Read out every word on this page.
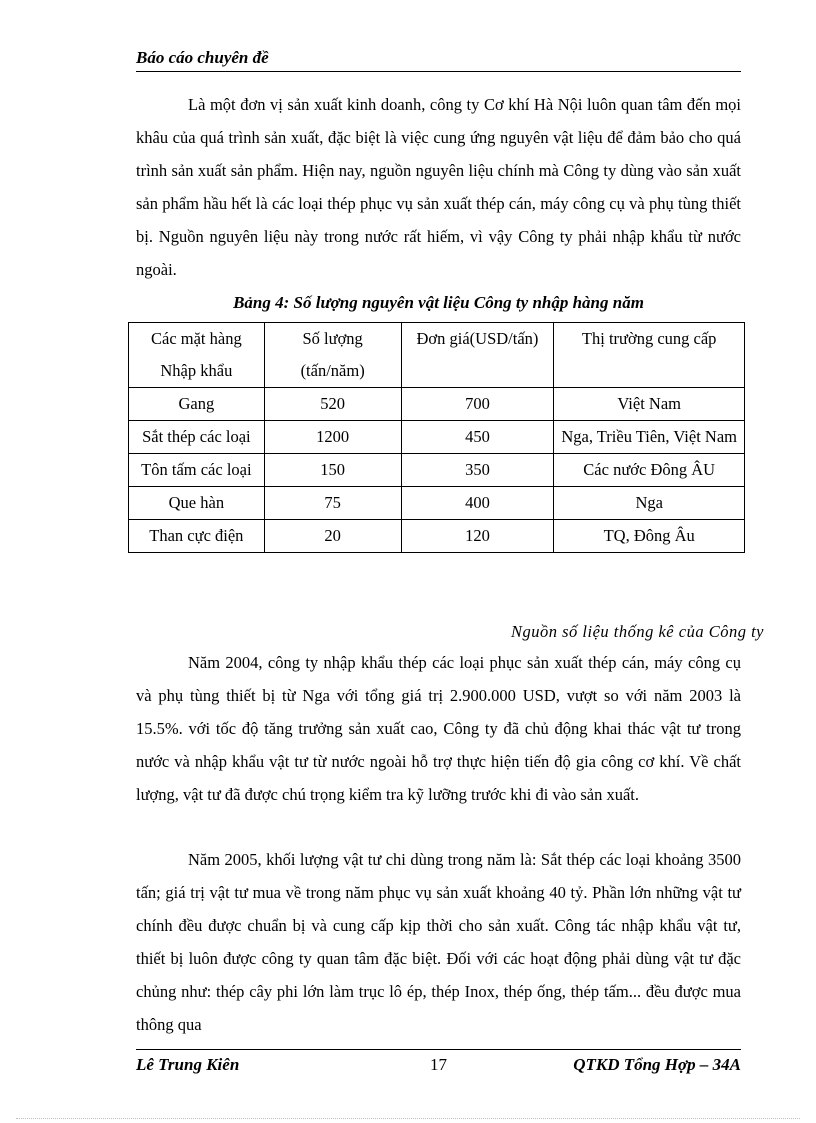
Báo cáo chuyên đề

Là một đơn vị sản xuất kinh doanh, công ty Cơ khí Hà Nội luôn quan tâm đến mọi khâu của quá trình sản xuất, đặc biệt là việc cung ứng nguyên vật liệu để đảm bảo cho quá trình sản xuất sản phẩm. Hiện nay, nguồn nguyên liệu chính mà Công ty dùng vào sản xuất sản phẩm hầu hết là các loại thép phục vụ sản xuất thép cán, máy công cụ và phụ tùng thiết bị. Nguồn nguyên liệu này trong nước rất hiếm, vì vậy Công ty phải nhập khẩu từ nước ngoài.

Bảng 4: Số lượng nguyên vật liệu Công ty nhập hàng năm
Các mặt hàng Nhập khẩu	Số lượng (tấn/năm)	Đơn giá(USD/tấn)	Thị trường cung cấp
Gang	520	700	Việt Nam
Sắt thép các loại	1200	450	Nga, Triều Tiên, Việt Nam
Tôn tấm các loại	150	350	Các nước Đông ÂU
Que hàn	75	400	Nga
Than cực điện	20	120	TQ, Đông Âu
Nguồn số liệu thống kê của Công ty

Năm 2004, công ty nhập khẩu thép các loại phục sản xuất thép cán, máy công cụ và phụ tùng thiết bị từ Nga với tổng giá trị 2.900.000 USD, vượt so với năm 2003 là 15.5%. với tốc độ tăng trưởng sản xuất cao, Công ty đã chủ động khai thác vật tư trong nước và nhập khẩu vật tư từ nước ngoài hỗ trợ thực hiện tiến độ gia công cơ khí. Về chất lượng, vật tư đã được chú trọng kiểm tra kỹ lưỡng trước khi đi vào sản xuất.

Năm 2005, khối lượng vật tư chi dùng trong năm là: Sắt thép các loại khoảng 3500 tấn; giá trị vật tư mua về trong năm phục vụ sản xuất khoảng 40 tỷ. Phần lớn những vật tư chính đều được chuẩn bị và cung cấp kịp thời cho sản xuất. Công tác nhập khẩu vật tư, thiết bị luôn được công ty quan tâm đặc biệt. Đối với các hoạt động phải dùng vật tư đặc chủng như: thép cây phi lớn làm trục lô ép, thép Inox, thép ống, thép tấm... đều được mua thông qua

Lê Trung Kiên	17	QTKD Tổng Hợp – 34A
